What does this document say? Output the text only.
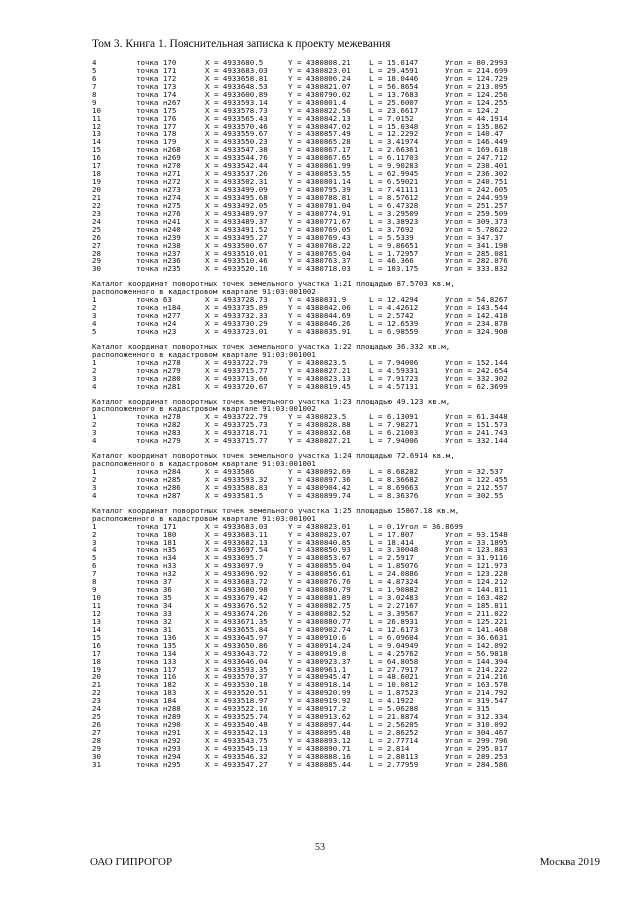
Том 3. Книга 1. Пояснительная записка к проекту межевания
4	точка 170	X = 4933680.5	Y = 4380808.21 L = 15.0147	Угол = 80.2993
5	точка 171	X = 4933683.03	Y = 4380823.01 L = 29.4591	Угол = 214.699
6	точка 172	X = 4933658.81	Y = 4380806.24 L = 18.0446	Угол = 124.729
7	точка 173	X = 4933648.53	Y = 4380821.07 L = 56.8654	Угол = 213.095
8	точка 174	X = 4933600.89	Y = 4380790.02 L = 13.7683	Угол = 124.256
9	точка н267	X = 4933593.14	Y = 4380801.4	L = 25.6007	Угол = 124.255
10	точка 175	X = 4933578.73	Y = 4380822.56 L = 23.6617	Угол = 124.2
11	точка 176	X = 4933565.43	Y = 4380842.13 L = 7.0152	Угол = 44.1914
12	точка 177	X = 4933570.46	Y = 4380847.02 L = 15.0348	Угол = 135.862
13	точка 178	X = 4933559.67	Y = 4380857.49 L = 12.2292	Угол = 140.47
14	точка 179	X = 4933550.23	Y = 4380865.28 L = 3.41974	Угол = 146.449
15	точка н268	X = 4933547.38	Y = 4380867.17 L = 2.66361	Угол = 169.618
16	точка н269	X = 4933544.76	Y = 4380867.65 L = 6.11703	Угол = 247.712
17	точка н270	X = 4933542.44	Y = 4380861.99 L = 9.90283	Угол = 238.401
18	точка н271	X = 4933537.26	Y = 4380853.55 L = 62.9945	Угол = 236.302
19	точка н272	X = 4933502.31	Y = 4380801.14 L = 6.59021	Угол = 240.751
20	точка н273	X = 4933499.09	Y = 4380795.39 L = 7.41111	Угол = 242.605
21	точка н274	X = 4933495.68	Y = 4380788.81 L = 8.57612	Угол = 244.959
22	точка н275	X = 4933492.05	Y = 4380781.04 L = 6.47328	Угол = 251.257
23	точка н276	X = 4933489.97	Y = 4380774.91 L = 3.29509	Угол = 259.509
24	точка н241	X = 4933489.37	Y = 4380771.67 L = 3.38923	Угол = 309.373
25	точка н240	X = 4933491.52	Y = 4380769.05 L = 3.7692	Угол = 5.78622
26	точка н239	X = 4933495.27	Y = 4380769.43 L = 5.5339	Угол = 347.37
27	точка н238	X = 4933500.67	Y = 4380768.22 L = 9.86651	Угол = 341.198
28	точка н237	X = 4933510.01	Y = 4380765.04 L = 1.72957	Угол = 285.081
29	точка н236	X = 4933510.46	Y = 4380763.37 L = 46.366	Угол = 282.076
30	точка н235	X = 4933520.16	Y = 4380718.03 L = 103.175	Угол = 333.832
Каталог координат поворотных точек земельного участка 1:21 площадью 87.5703 кв.м,
расположенного в кадастровом квартале 91:03:001002
1	точка 63	X = 4933728.73	Y = 4380831.9	L = 12.4294	Угол = 54.8267
2	точка н184	X = 4933735.89	Y = 4380842.06 L = 4.42612	Угол = 143.544
3	точка н277	X = 4933732.33	Y = 4380844.69 L = 2.5742	Угол = 142.418
4	точка н24	X = 4933730.29	Y = 4380846.26 L = 12.6539	Угол = 234.878
5	точка н23	X = 4933723.01	Y = 4380835.91 L = 6.98559	Угол = 324.908
Каталог координат поворотных точек земельного участка 1:22 площадью 36.332 кв.м,
расположенного в кадастровом квартале 91:03:001001
1	точка н278	X = 4933722.79	Y = 4380823.5	L = 7.94006	Угол = 152.144
2	точка н279	X = 4933715.77	Y = 4380827.21 L = 4.59331	Угол = 242.654
3	точка н280	X = 4933713.66	Y = 4380823.13 L = 7.91723	Угол = 332.302
4	точка н281	X = 4933720.67	Y = 4380819.45 L = 4.57131	Угол = 62.3699
Каталог координат поворотных точек земельного участка 1:23 площадью 49.123 кв.м,
расположенного в кадастровом квартале 91:03:001002
1	точка н278	X = 4933722.79	Y = 4380823.5	L = 6.13091	Угол = 61.3448
2	точка н282	X = 4933725.73	Y = 4380828.88 L = 7.98271	Угол = 151.573
3	точка н283	X = 4933718.71	Y = 4380832.68 L = 6.21003	Угол = 241.743
4	точка н279	X = 4933715.77	Y = 4380827.21 L = 7.94006	Угол = 332.144
Каталог координат поворотных точек земельного участка 1:24 площадью 72.6914 кв.м,
расположенного в кадастровом квартале 91:03:001001
1	точка н284	X = 4933586	Y = 4380892.69 L = 8.68282	Угол = 32.537
2	точка н285	X = 4933593.32	Y = 4380897.36 L = 8.36682	Угол = 122.455
3	точка н286	X = 4933588.83	Y = 4380904.42 L = 8.69663	Угол = 212.557
4	точка н287	X = 4933581.5	Y = 4380899.74 L = 8.36376	Угол = 302.55
Каталог координат поворотных точек земельного участка 1:25 площадью 15867.18 кв.м,
расположенного в кадастровом квартале 91:03:001001
1	точка 171	X = 4933683.03	Y = 4380823.01 L = 0.1Угол = 36.8699
2	точка 180	X = 4933683.11	Y = 4380823.07 L = 17.807	Угол = 93.1548
3	точка 181	X = 4933682.13	Y = 4380840.85 L = 18.414	Угол = 33.1895
4	точка н35	X = 4933697.54	Y = 4380850.93 L = 3.30048	Угол = 123.883
5	точка н34	X = 4933695.7	Y = 4380853.67 L = 2.5917	Угол = 31.9116
6	точка н33	X = 4933697.9	Y = 4380855.04 L = 1.85076	Угол = 121.973
7	точка н32	X = 4933696.92	Y = 4380856.61 L = 24.0886	Угол = 123.228
8	точка 37	X = 4933683.72	Y = 4380876.76 L = 4.87324	Угол = 124.212
9	точка 36	X = 4933680.98	Y = 4380880.79 L = 1.90882	Угол = 144.811
10	точка 35	X = 4933679.42	Y = 4380881.89 L = 3.02483	Угол = 163.482
11	точка 34	X = 4933676.52	Y = 4380882.75 L = 2.27167	Угол = 185.811
12	точка 33	X = 4933674.26	Y = 4380882.52 L = 3.39567	Угол = 211.022
13	точка 32	X = 4933671.35	Y = 4380880.77 L = 26.8931	Угол = 125.221
14	точка 31	X = 4933655.84	Y = 4380902.74 L = 12.6173	Угол = 141.468
15	точка 136	X = 4933645.97	Y = 4380910.6	L = 6.09604	Угол = 36.6631
16	точка 135	X = 4933650.86	Y = 4380914.24 L = 9.04949	Угол = 142.092
17	точка 134	X = 4933643.72	Y = 4380919.8	L = 4.25762	Угол = 56.9818
18	точка 133	X = 4933646.04	Y = 4380923.37 L = 64.8058	Угол = 144.394
19	точка 117	X = 4933593.35	Y = 4380961.1	L = 27.7917	Угол = 214.222
20	точка 116	X = 4933570.37	Y = 4380945.47 L = 48.6021	Угол = 214.216
21	точка 182	X = 4933530.18	Y = 4380918.14 L = 10.0812	Угол = 163.578
22	точка 183	X = 4933520.51	Y = 4380920.99 L = 1.87523	Угол = 214.792
23	точка 184	X = 4933518.97	Y = 4380919.92 L = 4.1922	Угол = 319.547
24	точка н288	X = 4933522.16	Y = 4380917.2	L = 5.06288	Угол = 315
25	точка н289	X = 4933525.74	Y = 4380913.62 L = 21.8874	Угол = 312.334
26	точка н290	X = 4933540.48	Y = 4380897.44 L = 2.56205	Угол = 310.092
27	точка н291	X = 4933542.13	Y = 4380895.48 L = 2.86252	Угол = 304.467
28	точка н292	X = 4933543.75	Y = 4380893.12 L = 2.77714	Угол = 299.796
29	точка н293	X = 4933545.13	Y = 4380890.71 L = 2.814	Угол = 295.017
30	точка н294	X = 4933546.32	Y = 4380888.16 L = 2.88113	Угол = 289.253
31	точка н295	X = 4933547.27	Y = 4380885.44 L = 2.77959	Угол = 284.586
53
ОАО ГИПРОГОР	Москва 2019
